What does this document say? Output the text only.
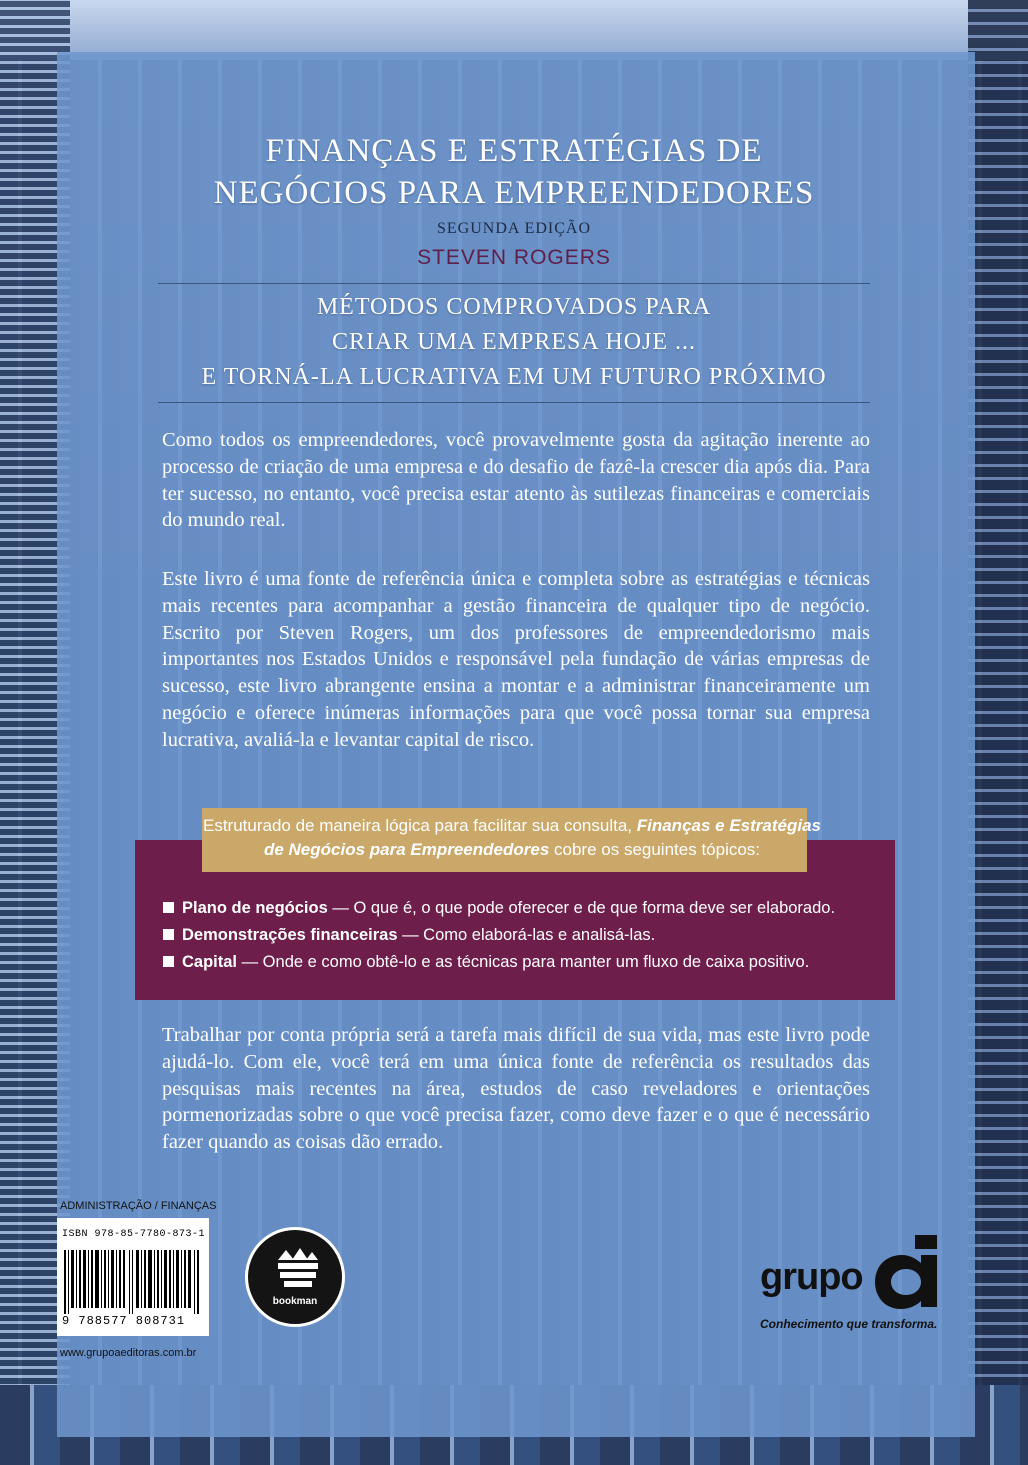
FINANÇAS E ESTRATÉGIAS DE
NEGÓCIOS PARA EMPREENDEDORES
SEGUNDA EDIÇÃO
STEVEN ROGERS
MÉTODOS COMPROVADOS PARA
CRIAR UMA EMPRESA HOJE ...
E TORNÁ-LA LUCRATIVA EM UM FUTURO PRÓXIMO
Como todos os empreendedores, você provavelmente gosta da agitação inerente ao processo de criação de uma empresa e do desafio de fazê-la crescer dia após dia. Para ter sucesso, no entanto, você precisa estar atento às sutilezas financeiras e comerciais do mundo real.
Este livro é uma fonte de referência única e completa sobre as estratégias e técnicas mais recentes para acompanhar a gestão financeira de qualquer tipo de negócio. Escrito por Steven Rogers, um dos professores de empreendedorismo mais importantes nos Estados Unidos e responsável pela fundação de várias empresas de sucesso, este livro abrangente ensina a montar e a administrar financeiramente um negócio e oferece inúmeras informações para que você possa tornar sua empresa lucrativa, avaliá-la e levantar capital de risco.
Estruturado de maneira lógica para facilitar sua consulta, Finanças e Estratégias de Negócios para Empreendedores cobre os seguintes tópicos:
Plano de negócios — O que é, o que pode oferecer e de que forma deve ser elaborado.
Demonstrações financeiras — Como elaborá-las e analisá-las.
Capital — Onde e como obtê-lo e as técnicas para manter um fluxo de caixa positivo.
Trabalhar por conta própria será a tarefa mais difícil de sua vida, mas este livro pode ajudá-lo. Com ele, você terá em uma única fonte de referência os resultados das pesquisas mais recentes na área, estudos de caso reveladores e orientações pormenorizadas sobre o que você precisa fazer, como deve fazer e o que é necessário fazer quando as coisas dão errado.
ADMINISTRAÇÃO / FINANÇAS
ISBN 978-85-7780-873-1
9 788577 808731
www.grupoaeditoras.com.br
bookman
grupo
Conhecimento que transforma.
